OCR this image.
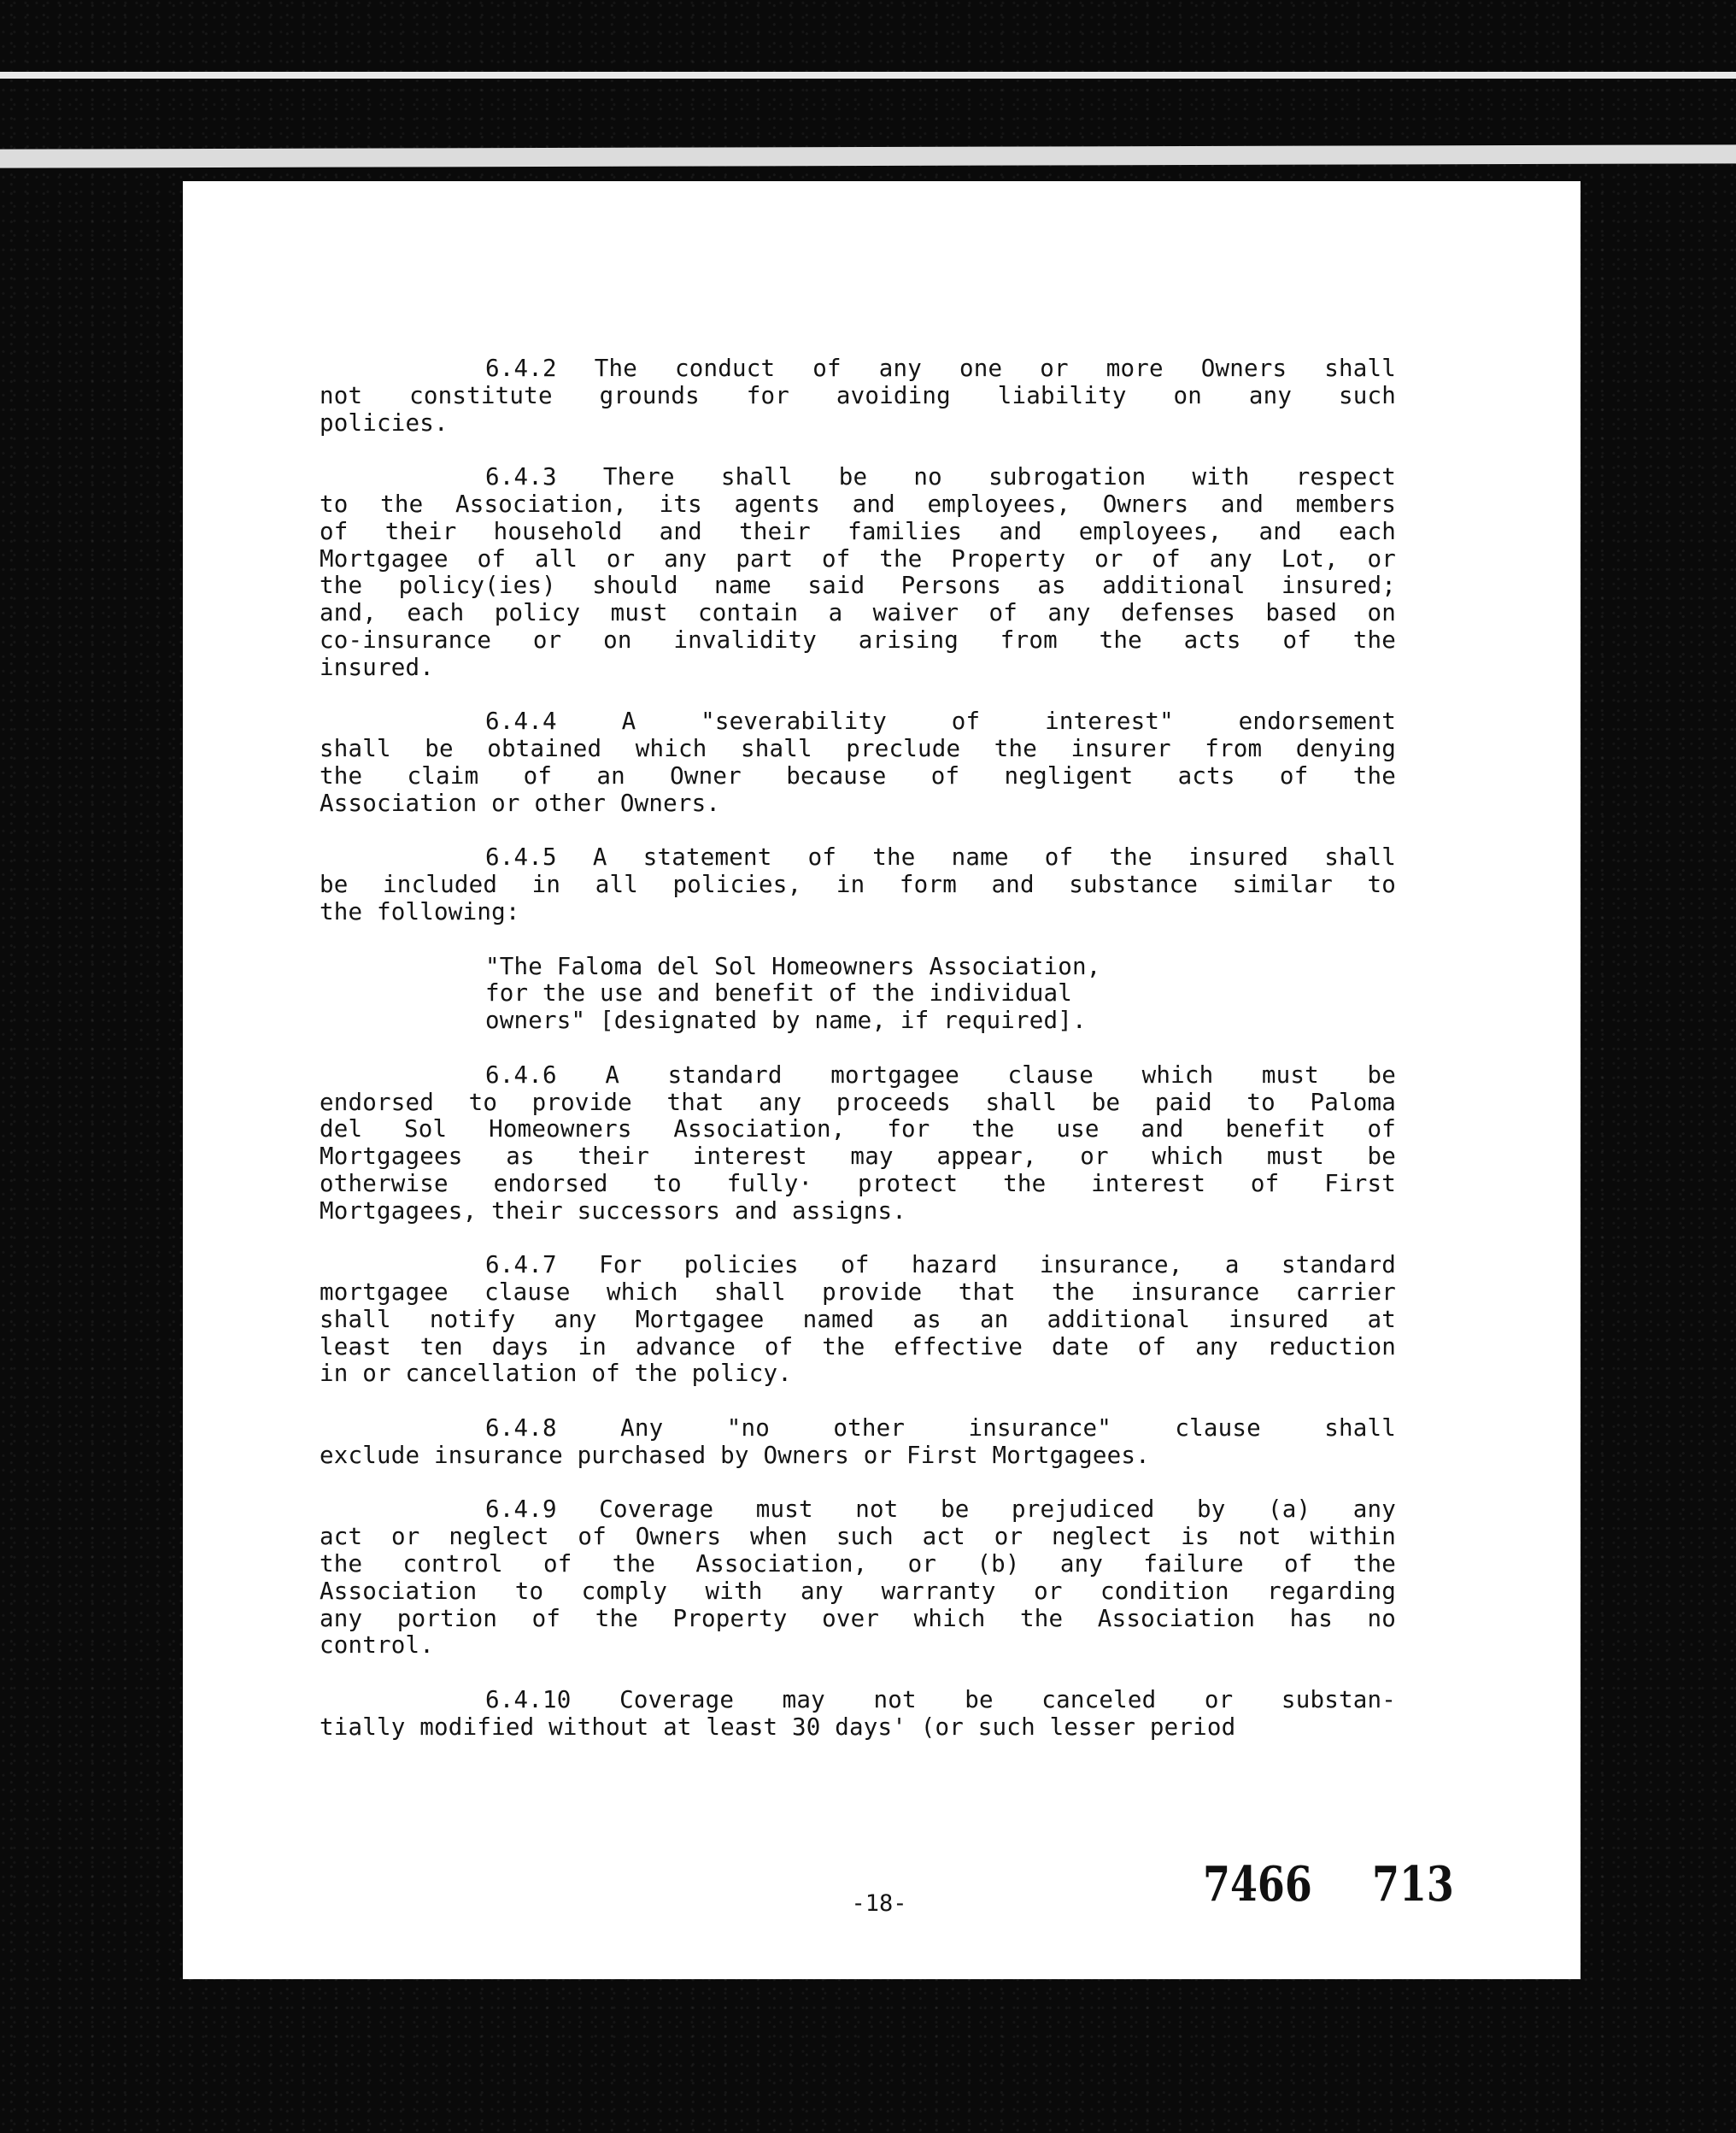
6.4.2 The conduct of any one or more Owners shall
not constitute grounds for avoiding liability on any such
policies.
6.4.3 There shall be no subrogation with respect
to the Association, its agents and employees, Owners and members
of their household and their families and employees, and each
Mortgagee of all or any part of the Property or of any Lot, or
the policy(ies) should name said Persons as additional insured;
and, each policy must contain a waiver of any defenses based on
co-insurance or on invalidity arising from the acts of the
insured.
6.4.4 A "severability of interest" endorsement
shall be obtained which shall preclude the insurer from denying
the claim of an Owner because of negligent acts of the
Association or other Owners.
6.4.5 A statement of the name of the insured shall
be included in all policies, in form and substance similar to
the following:
"The Faloma del Sol Homeowners Association,
for the use and benefit of the individual
owners" [designated by name, if required].
6.4.6 A standard mortgagee clause which must be
endorsed to provide that any proceeds shall be paid to Paloma
del Sol Homeowners Association, for the use and benefit of
Mortgagees as their interest may appear, or which must be
otherwise endorsed to fully· protect the interest of First
Mortgagees, their successors and assigns.
6.4.7 For policies of hazard insurance, a standard
mortgagee clause which shall provide that the insurance carrier
shall notify any Mortgagee named as an additional insured at
least ten days in advance of the effective date of any reduction
in or cancellation of the policy.
6.4.8 Any "no other insurance" clause shall
exclude insurance purchased by Owners or First Mortgagees.
6.4.9 Coverage must not be prejudiced by (a) any
act or neglect of Owners when such act or neglect is not within
the control of the Association, or (b) any failure of the
Association to comply with any warranty or condition regarding
any portion of the Property over which the Association has no
control.
6.4.10 Coverage may not be canceled or substan-
tially modified without at least 30 days' (or such lesser period
-18-	7466 713
